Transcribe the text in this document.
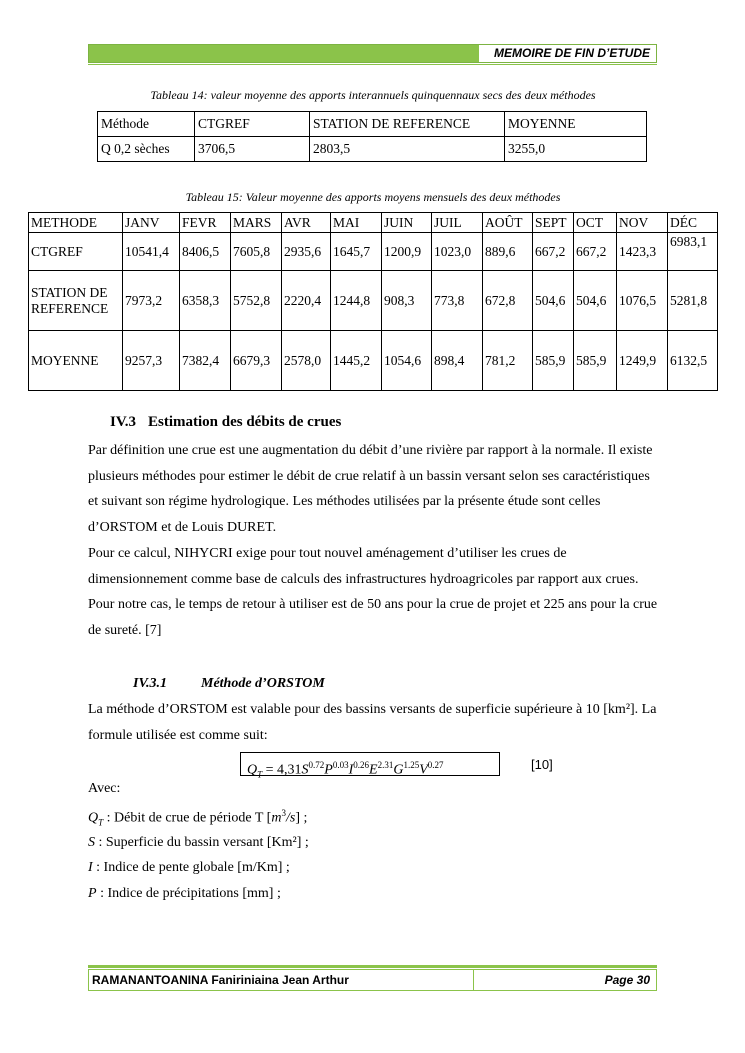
MEMOIRE DE FIN D’ETUDE
Tableau 14: valeur moyenne des apports interannuels quinquennaux secs des deux méthodes
Méthode	CTGREF	STATION DE REFERENCE	MOYENNE
Q 0,2 sèches	3706,5	2803,5	3255,0
Tableau 15: Valeur moyenne des apports moyens mensuels des deux méthodes
METHODE	JANV	FEVR	MARS	AVR	MAI	JUIN	JUIL	AOÛT	SEPT	OCT	NOV	DÉC
CTGREF	10541,4	8406,5	7605,8	2935,6	1645,7	1200,9	1023,0	889,6	667,2	667,2	1423,3	6983,1
STATION DE REFERENCE	7973,2	6358,3	5752,8	2220,4	1244,8	908,3	773,8	672,8	504,6	504,6	1076,5	5281,8
MOYENNE	9257,3	7382,4	6679,3	2578,0	1445,2	1054,6	898,4	781,2	585,9	585,9	1249,9	6132,5
IV.3 Estimation des débits de crues

Par définition une crue est une augmentation du débit d’une rivière par rapport à la normale. Il existe plusieurs méthodes pour estimer le débit de crue relatif à un bassin versant selon ses caractéristiques et suivant son régime hydrologique. Les méthodes utilisées par la présente étude sont celles d’ORSTOM et de Louis DURET.

Pour ce calcul, NIHYCRI exige pour tout nouvel aménagement d’utiliser les crues de dimensionnement comme base de calculs des infrastructures hydroagricoles par rapport aux crues. Pour notre cas, le temps de retour à utiliser est de 50 ans pour la crue de projet et 225 ans pour la crue de sureté. [7]

IV.3.1 Méthode d’ORSTOM

La méthode d’ORSTOM est valable pour des bassins versants de superficie supérieure à 10 [km²]. La formule utilisée est comme suit:

$Q_T = 4,31S^{0.72}P^{0.03}I^{0.26}E^{2.31}G^{1.25}V^{0.27}$	[10]
Avec:
$Q_T$ : Débit de crue de période T $[m^3/s]$ ;
S : Superficie du bassin versant [Km²] ;
I : Indice de pente globale [m/Km] ;
P : Indice de précipitations [mm] ;
RAMANANTOANINA Faniriniaina Jean Arthur	Page 30
